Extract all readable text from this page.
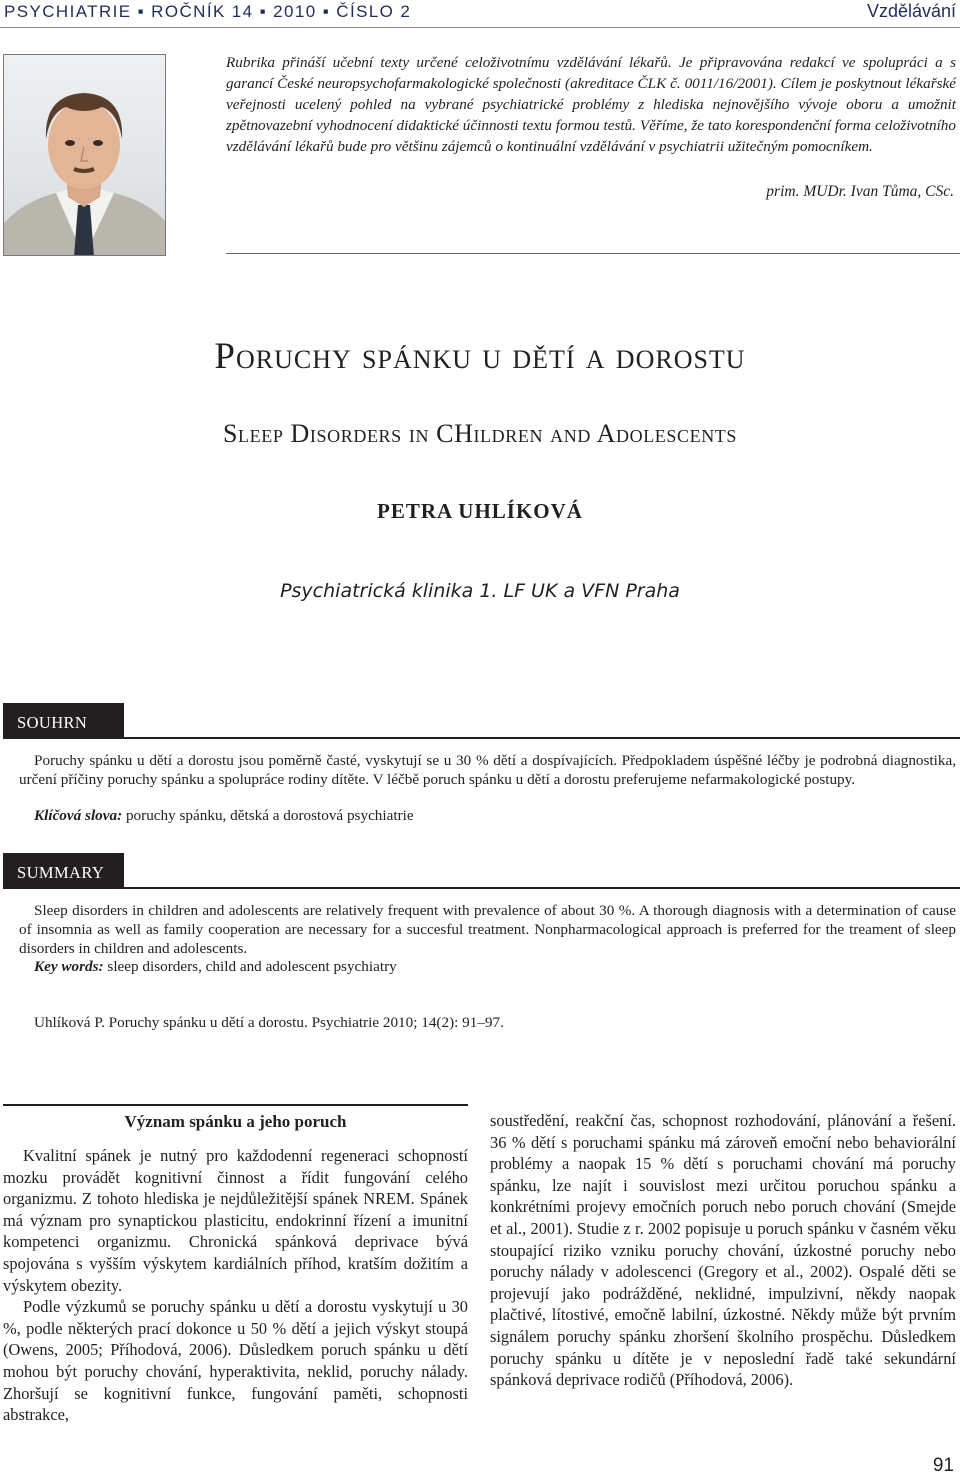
PSYCHIATRIE ▪ ROČNÍK 14 ▪ 2010 ▪ ČÍSLO 2	Vzdělávání
Rubrika přináší učební texty určené celoživotnímu vzdělávání lékařů. Je připravována redakcí ve spolupráci a s garancí České neuropsychofarmakologické společnosti (akreditace ČLK č. 0011/16/2001). Cílem je poskytnout lékařské veřejnosti ucelený pohled na vybrané psychiatrické problémy z hlediska nejnovějšího vývoje oboru a umožnit zpětnovazební vyhodnocení didaktické účinnosti textu formou testů. Věříme, že tato korespondenční forma celoživotního vzdělávání lékařů bude pro většinu zájemců o kontinuální vzdělávání v psychiatrii užitečným pomocníkem.
prim. MUDr. Ivan Tůma, CSc.
Poruchy spánku u dětí a dorostu
Sleep Disorders in CHildren and Adolescents
PETRA UHLÍKOVÁ
Psychiatrická klinika 1. LF UK a VFN Praha
SOUHRN
Poruchy spánku u dětí a dorostu jsou poměrně časté, vyskytují se u 30 % dětí a dospívajících. Předpokladem úspěšné léčby je podrobná diagnostika, určení příčiny poruchy spánku a spolupráce rodiny dítěte. V léčbě poruch spánku u dětí a dorostu preferujeme nefarmakologické postupy.
Klíčová slova: poruchy spánku, dětská a dorostová psychiatrie
SUMMARY
Sleep disorders in children and adolescents are relatively frequent with prevalence of about 30 %. A thorough diagnosis with a determination of cause of insomnia as well as family cooperation are necessary for a succesful treatment. Nonpharmacological approach is preferred for the treament of sleep disorders in children and adolescents.
Key words: sleep disorders, child and adolescent psychiatry
Uhlíková P. Poruchy spánku u dětí a dorostu. Psychiatrie 2010; 14(2): 91–97.
Význam spánku a jeho poruch

Kvalitní spánek je nutný pro každodenní regeneraci schopností mozku provádět kognitivní činnost a řídit fungování celého organizmu. Z tohoto hlediska je nejdůležitější spánek NREM. Spánek má význam pro synaptickou plasticitu, endokrinní řízení a imunitní kompetenci organizmu. Chronická spánková deprivace bývá spojována s vyšším výskytem kardiálních příhod, kratším dožitím a výskytem obezity.

Podle výzkumů se poruchy spánku u dětí a dorostu vyskytují u 30 %, podle některých prací dokonce u 50 % dětí a jejich výskyt stoupá (Owens, 2005; Příhodová, 2006). Důsledkem poruch spánku u dětí mohou být poruchy chování, hyperaktivita, neklid, poruchy nálady. Zhoršují se kognitivní funkce, fungování paměti, schopnosti abstrakce,

soustředění, reakční čas, schopnost rozhodování, plánování a řešení. 36 % dětí s poruchami spánku má zároveň emoční nebo behaviorální problémy a naopak 15 % dětí s poruchami chování má poruchy spánku, lze najít i souvislost mezi určitou poruchou spánku a konkrétními projevy emočních poruch nebo poruch chování (Smejde et al., 2001). Studie z r. 2002 popisuje u poruch spánku v časném věku stoupající riziko vzniku poruchy chování, úzkostné poruchy nebo poruchy nálady v adolescenci (Gregory et al., 2002). Ospalé děti se projevují jako podrážděné, neklidné, impulzivní, někdy naopak plačtivé, lítostivé, emočně labilní, úzkostné. Někdy může být prvním signálem poruchy spánku zhoršení školního prospěchu. Důsledkem poruchy spánku u dítěte je v neposlední řadě také sekundární spánková deprivace rodičů (Příhodová, 2006).

91
